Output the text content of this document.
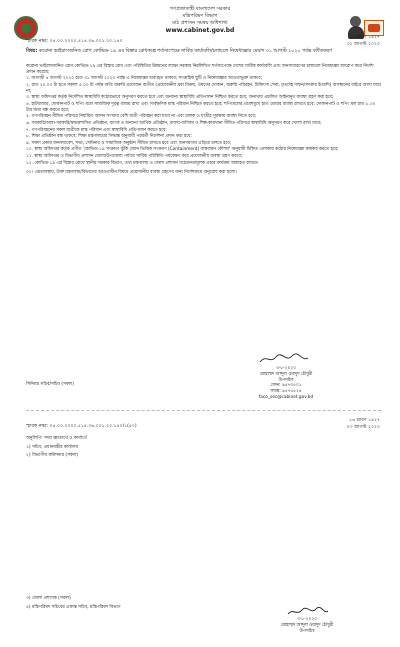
গণপ্রজাতন্ত্রী বাংলাদেশ সরকার
মন্ত্রিপরিষদ বিভাগ
মাঠ প্রশাসন সমন্বয় অধিশাখা
www.cabinet.gov.bd
স্মারক নম্বর: ০৪.০০.০০০০.৫১৪.৩৬.০০১.২০.১৪০
১৬ শ্রাবণ ১৪২৭
৩১ আগস্ট ২০২০
বিষয়: করোনা ভাইরাসজনিত রোগ কোভিড-১৯ এর বিস্তার রোধকল্পে শর্তসাপেক্ষে সার্বিক কার্যাবলি/চলাচলে নিষেধাজ্ঞার মেয়াদ ৩১ আগস্ট ২০২০ পর্যন্ত বর্ধিতকরণ

করোনা ভাইরাসজনিত রোগ কোভিড-১৯ এর বিস্তার রোধ এবং পরিস্থিতির উন্নয়নের লক্ষ্যে সরকার নিম্নলিখিত শর্তসাপেক্ষে দেশের সার্বিক কার্যাবলি এবং জনসাধারণের চলাচলে নিষেধাজ্ঞা আরোপ করে নির্দেশ প্রদান করেছে:

১. আগামী ৪ আগস্ট ২০২০ হতে ৩১ আগস্ট ২০২০ পর্যন্ত এ নিষেধাজ্ঞা অব্যাহত থাকবে; সাপ্তাহিক ছুটি ও নিষেধাজ্ঞার আওতাভুক্ত থাকবে;

২. রাত ১০.০০ টা হতে সকাল ৫.০০ টা পর্যন্ত অতি জরুরি প্রয়োজন ব্যতীত (প্রয়োজনীয় দ্রব্য বিক্রয়, ঔষধের দোকান, জরুরি পরিবহন, চিকিৎসা সেবা, মৃতদেহ দাফন/সৎকার ইত্যাদি) বাসস্থানের বাইরে আসা যাবে না;

৩. স্বাস্থ্য অধিদপ্তর কর্তৃক নির্দেশিত স্বাস্থ্যবিধি কঠোরভাবে অনুসরণ করতে হবে এবং অন্যান্য স্বাস্থ্যবিধি প্রতিপালন নিশ্চিত করতে হবে; অন্যথায় প্রচলিত আইনানুগ ব্যবস্থা গ্রহণ করা হবে;

৪. হাটবাজার, দোকানপাট ও শপিং মলে সামাজিক দূরত্ব বজায় রাখা এবং সার্বক্ষণিক মাস্ক পরিধান নিশ্চিত করতে হবে; শপিংমলের প্রবেশমুখে হাত ধোয়ার ব্যবস্থা রাখতে হবে; দোকানপাট ও শপিং মল রাত ৮.০০ টার মধ্যে বন্ধ করতে হবে;

৫. গণপরিবহন সীমিত পরিসরে নির্ধারিত আসন সংখ্যার বেশি যাত্রী পরিবহন করা যাবে না এবং চালক ও যাত্রীর সুরক্ষায় ব্যবস্থা নিতে হবে;

৬. সরকারি/আধা-সরকারি/স্বায়ত্তশাসিত প্রতিষ্ঠান, ব্যাংক ও অন্যান্য আর্থিক প্রতিষ্ঠান, ব্যবসা-বাণিজ্য ও শিল্প-কারখানা সীমিত পরিসরে স্বাস্থ্যবিধি অনুসরণ করে খোলা রাখা যাবে;

৭. গণপরিবহনের সকল যাত্রীকে মাস্ক পরিধান এবং স্বাস্থ্যবিধি প্রতিপালন করতে হবে;

৮. শিক্ষা প্রতিষ্ঠান বন্ধ থাকবে; শিক্ষা মন্ত্রণালয়ের সিদ্ধান্ত অনুযায়ী পরবর্তী নির্দেশনা প্রদান করা হবে;

৯. সকল প্রকার জনসমাবেশ, সভা, সেমিনার ও সামাজিক অনুষ্ঠান সীমিত রাখতে হবে এবং জনসমাগম এড়িয়ে চলতে হবে;

১০. স্বাস্থ্য অধিদপ্তর কর্তৃক প্রণীত 'কোভিড-১৯ সংক্রমণ ঝুঁকি জোন ভিত্তিক সংক্রমণ (Containment) বাস্তবায়ন কৌশল' অনুযায়ী চিহ্নিত এলাকায় কঠোর নিষেধাজ্ঞা কার্যকর করতে হবে;

১১. স্বাস্থ্য অধিদপ্তর ও বিভাগীয় প্রশাসন জেলা/উপজেলা পর্যায়ে সার্বিক পরিস্থিতি পর্যবেক্ষণ করে প্রয়োজনীয় ব্যবস্থা গ্রহণ করবে;

১২. কোভিড-১৯ এর বিস্তার রোধে স্থানীয় সরকার বিভাগ, তথ্য মন্ত্রণালয় ও জেলা প্রশাসন সচেতনতামূলক প্রচার কার্যক্রম অব্যাহত রাখবে।

০২। এমতাবস্থায়, উক্ত মন্ত্রণালয়/বিভাগের আওতাধীন বিষয়ে প্রয়োজনীয় ব্যবস্থা গ্রহণের জন্য নির্দেশক্রমে অনুরোধ করা হলো।

৩-৮-২০২০
মোহাম্মদ আব্দুল ওয়াদুদ চৌধুরী
উপসচিব
ফোন: ৯৫৭৩৫০১
ফ্যাক্স: ৯৫৭৫৫২৪
faco_sec@cabinet.gov.bd
সিনিয়র সচিব/সচিব (সকল)
স্মারক নম্বর: ০৪.০০.০০০০.৫১৪.৩৬.০০১.২০.১৪০/১(৫০)
১৬ শ্রাবণ ১৪২৭
০৩ আগস্ট ২০২০
অনুলিপি: সদয় জ্ঞাতার্থে ও কার্যার্থে
১) সচিব, প্রধানমন্ত্রীর কার্যালয়
২) বিভাগীয় কমিশনার (সকল)
৩) জেলা প্রশাসক (সকল)
৪) মন্ত্রিপরিষদ সচিবের একান্ত সচিব, মন্ত্রিপরিষদ বিভাগ
৩-৮-২০২০
মোহাম্মদ আব্দুল ওয়াদুদ চৌধুরী
উপসচিব
